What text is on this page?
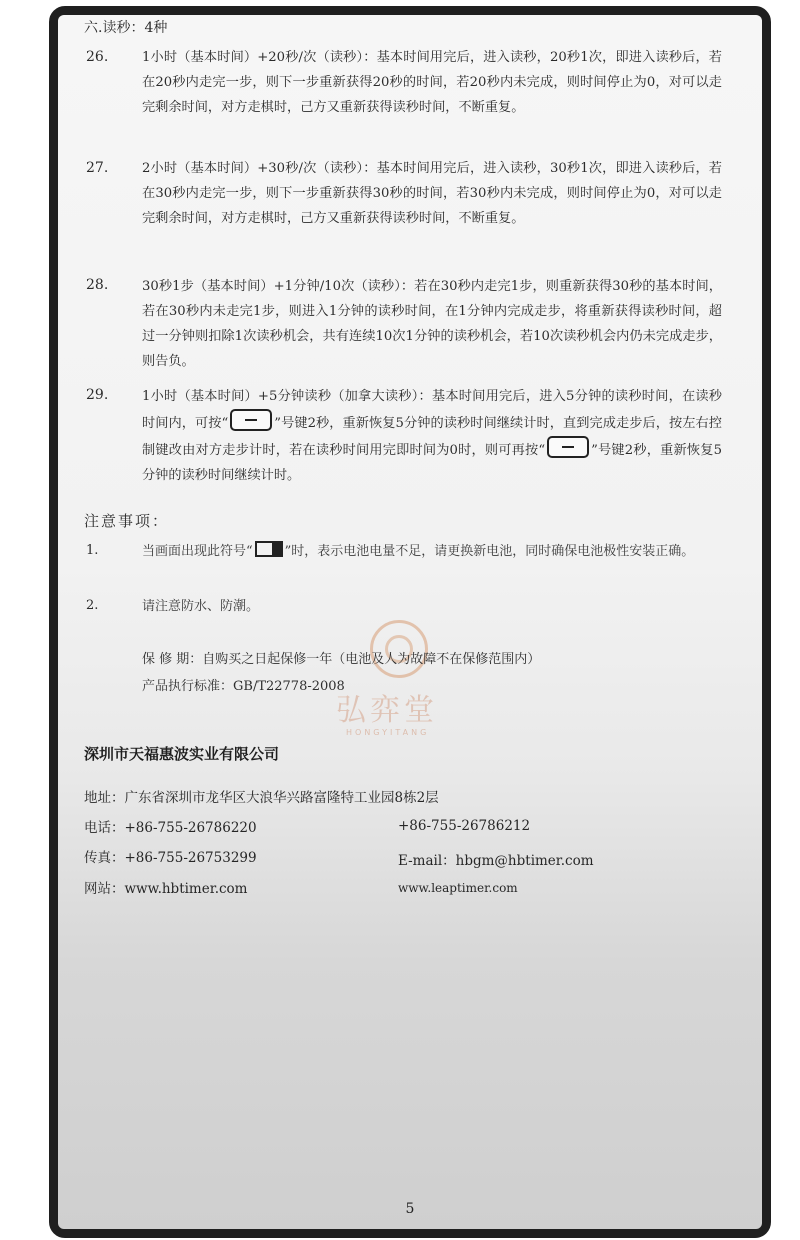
六.读秒：4种
26.	1小时（基本时间）+20秒/次（读秒）：基本时间用完后，进入读秒，20秒1次，即进入读秒后，若在20秒内走完一步，则下一步重新获得20秒的时间，若20秒内未完成，则时间停止为0，对可以走完剩余时间，对方走棋时，己方又重新获得读秒时间，不断重复。
27.	2小时（基本时间）+30秒/次（读秒）：基本时间用完后，进入读秒，30秒1次，即进入读秒后，若在30秒内走完一步，则下一步重新获得30秒的时间，若30秒内未完成，则时间停止为0，对可以走完剩余时间，对方走棋时，己方又重新获得读秒时间，不断重复。
28.	30秒1步（基本时间）+1分钟/10次（读秒）：若在30秒内走完1步，则重新获得30秒的基本时间，若在30秒内未走完1步，则进入1分钟的读秒时间，在1分钟内完成走步，将重新获得读秒时间，超过一分钟则扣除1次读秒机会，共有连续10次1分钟的读秒机会，若10次读秒机会内仍未完成走步，则告负。
29.	1小时（基本时间）+5分钟读秒（加拿大读秒）：基本时间用完后，进入5分钟的读秒时间，在读秒时间内，可按“	”号键2秒，重新恢复5分钟的读秒时间继续计时，直到完成走步后，按左右控制键改由对方走步计时，若在读秒时间用完即时间为0时，则可再按“	”号键2秒，重新恢复5分钟的读秒时间继续计时。
注意事项：
1.	当画面出现此符号“ ”时，表示电池电量不足，请更换新电池，同时确保电池极性安装正确。
2.	请注意防水、防潮。
弘弈堂
HONGYITANG
保 修 期：自购买之日起保修一年（电池及人为故障不在保修范围内）
产品执行标准：GB/T22778-2008
深圳市天福惠波实业有限公司
地址：广东省深圳市龙华区大浪华兴路富隆特工业园8栋2层
电话：+86-755-26786220	+86-755-26786212
传真：+86-755-26753299	E-mail：hbgm@hbtimer.com
网站：www.hbtimer.com	www.leaptimer.com
5
